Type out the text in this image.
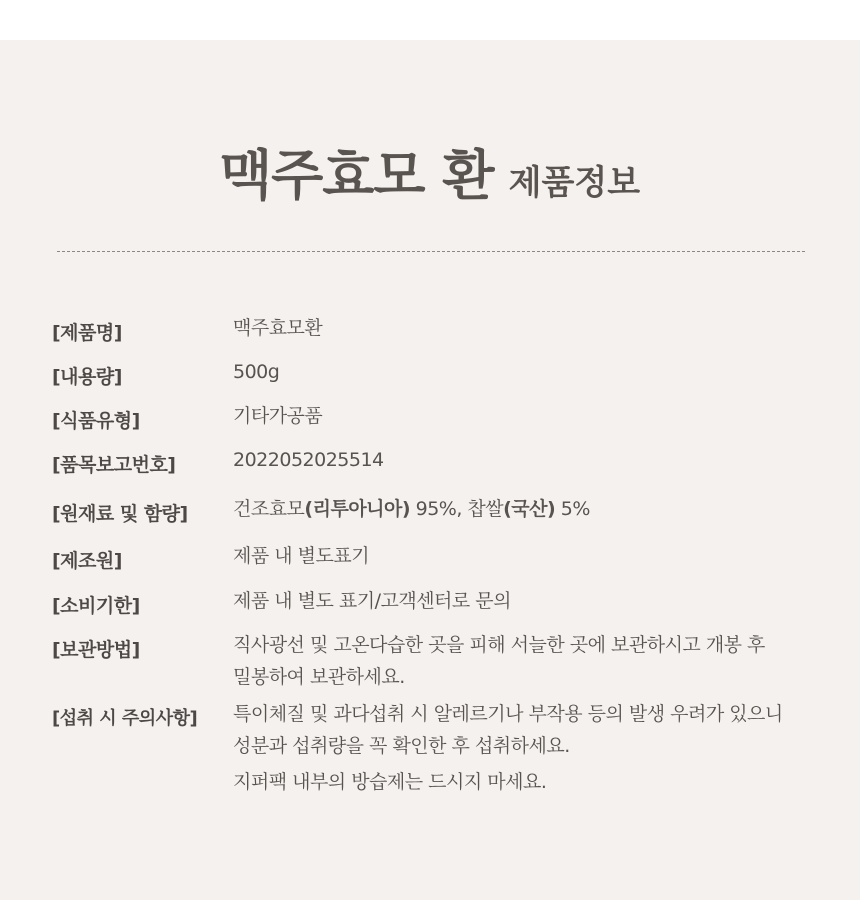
맥주효모 환 제품정보
[제품명]	맥주효모환
[내용량]	500g
[식품유형]	기타가공품
[품목보고번호]	2022052025514
[원재료 및 함량] 건조효모(리투아니아) 95%, 찹쌀(국산) 5%
[제조원]	제품 내 별도표기
[소비기한]	제품 내 별도 표기/고객센터로 문의
[보관방법]	직사광선 및 고온다습한 곳을 피해 서늘한 곳에 보관하시고 개봉 후
밀봉하여 보관하세요.
[섭취 시 주의사항] 특이체질 및 과다섭취 시 알레르기나 부작용 등의 발생 우려가 있으니
성분과 섭취량을 꼭 확인한 후 섭취하세요.
지퍼팩 내부의 방습제는 드시지 마세요.
